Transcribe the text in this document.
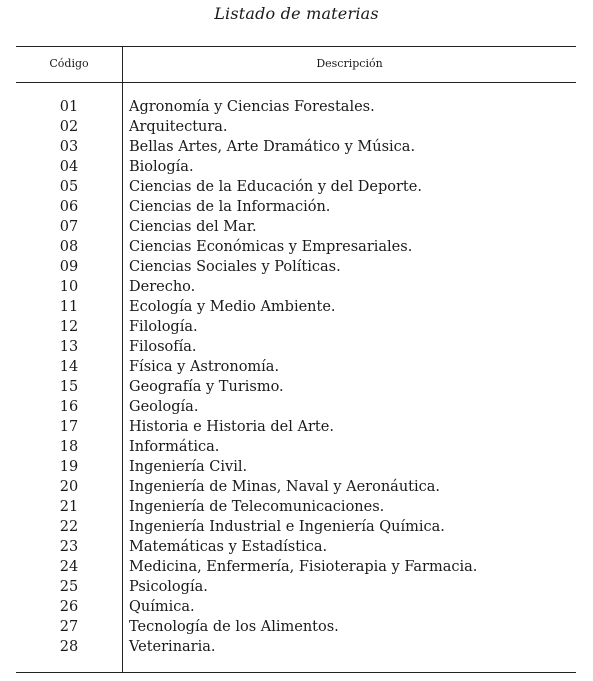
Listado de materias
Código	Descripción
01	Agronomía y Ciencias Forestales.
02	Arquitectura.
03	Bellas Artes, Arte Dramático y Música.
04	Biología.
05	Ciencias de la Educación y del Deporte.
06	Ciencias de la Información.
07	Ciencias del Mar.
08	Ciencias Económicas y Empresariales.
09	Ciencias Sociales y Políticas.
10	Derecho.
11	Ecología y Medio Ambiente.
12	Filología.
13	Filosofía.
14	Física y Astronomía.
15	Geografía y Turismo.
16	Geología.
17	Historia e Historia del Arte.
18	Informática.
19	Ingeniería Civil.
20	Ingeniería de Minas, Naval y Aeronáutica.
21	Ingeniería de Telecomunicaciones.
22	Ingeniería Industrial e Ingeniería Química.
23	Matemáticas y Estadística.
24	Medicina, Enfermería, Fisioterapia y Farmacia.
25	Psicología.
26	Química.
27	Tecnología de los Alimentos.
28	Veterinaria.
